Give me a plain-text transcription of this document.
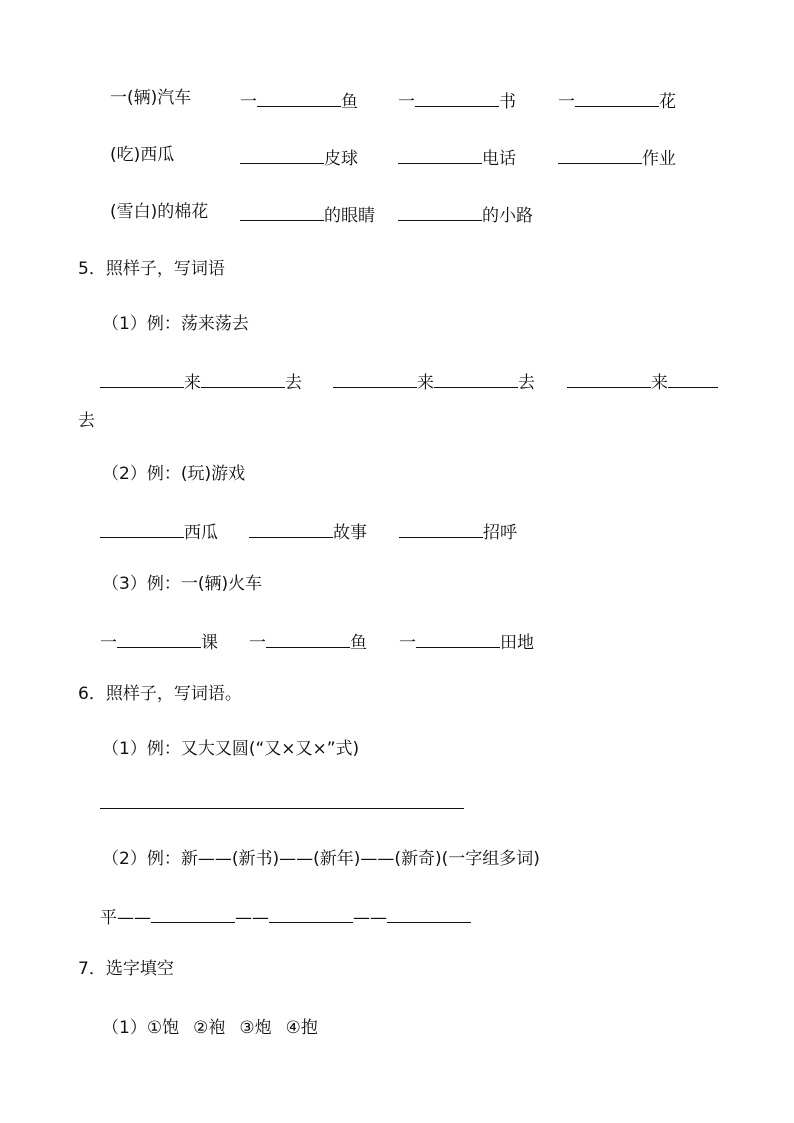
一(辆)汽车	一	鱼 一	书 一	花
(吃)西瓜	皮球	电话	作业
(雪白)的棉花	的眼睛	的小路
5．照样子，写词语
（1）例：荡来荡去
来	去	来	去	来
去
（2）例：(玩)游戏
西瓜	故事	招呼
（3）例：一(辆)火车
一	课 一	鱼 一	田地
6．照样子，写词语。
（1）例：又大又圆(“又×又×”式)
（2）例：新——(新书)——(新年)——(新奇)(一字组多词)
平——	——	——
7．选字填空
（1）①饱 ②袍 ③炮 ④抱
